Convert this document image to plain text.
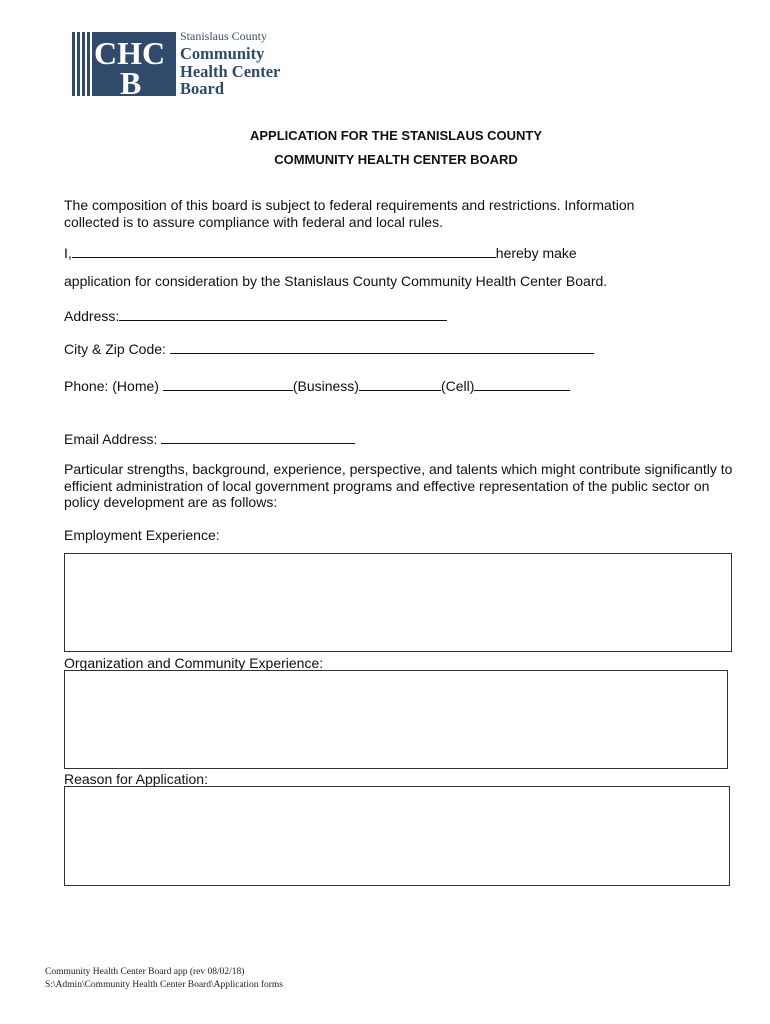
CHC
B
Stanislaus County
Community
Health Center
Board
APPLICATION FOR THE STANISLAUS COUNTY
COMMUNITY HEALTH CENTER BOARD
The composition of this board is subject to federal requirements and restrictions. Information
collected is to assure compliance with federal and local rules.
I,	hereby make
application for consideration by the Stanislaus County Community Health Center Board.
Address:
City & Zip Code:
Phone: (Home)	(Business)	(Cell)
Email Address:
Particular strengths, background, experience, perspective, and talents which might contribute significantly to
efficient administration of local government programs and effective representation of the public sector on
policy development are as follows:
Employment Experience:
Organization and Community Experience:
Reason for Application:
Community Health Center Board app (rev 08/02/18)
S:\Admin\Community Health Center Board\Application forms
